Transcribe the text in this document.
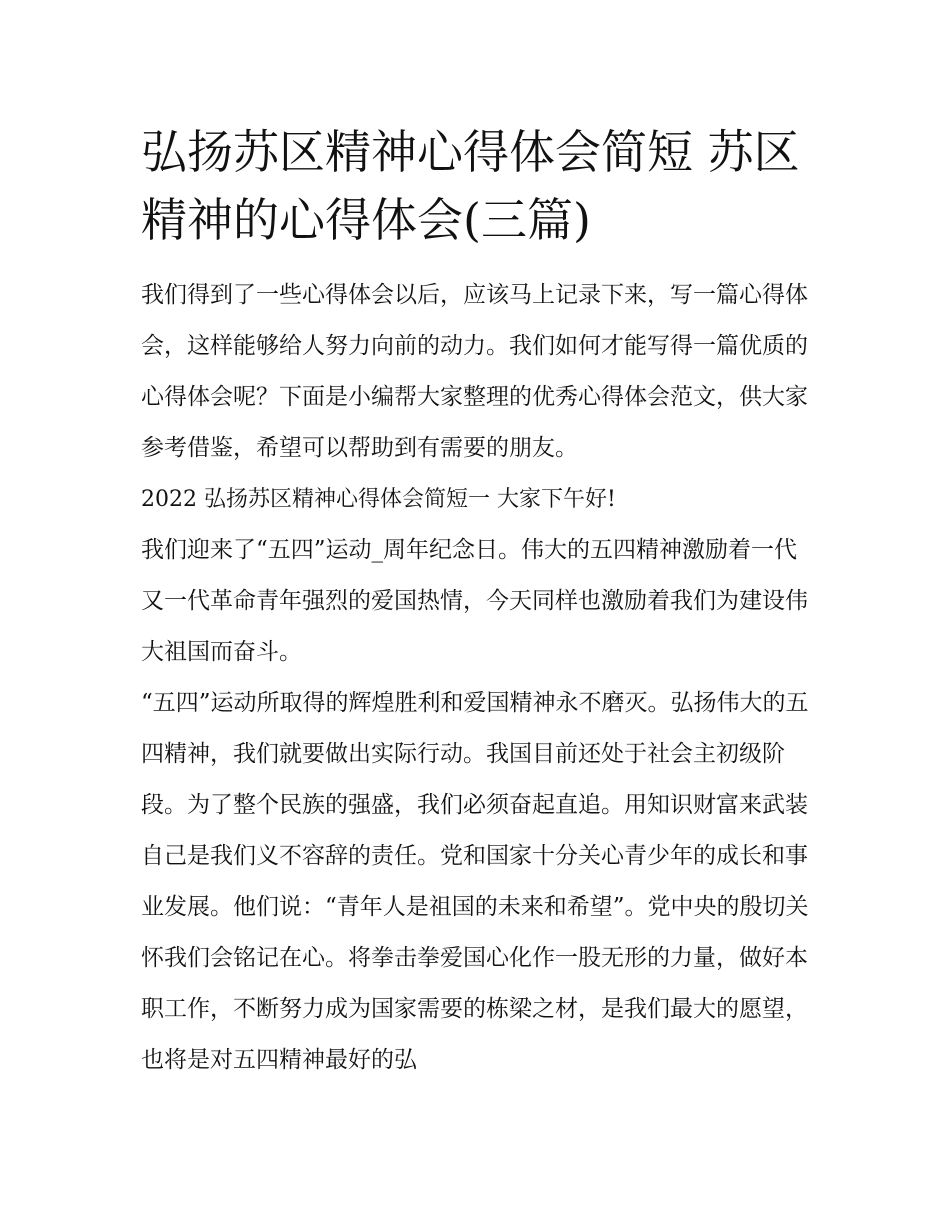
弘扬苏区精神心得体会简短 苏区精神的心得体会(三篇)

我们得到了一些心得体会以后，应该马上记录下来，写一篇心得体会，这样能够给人努力向前的动力。我们如何才能写得一篇优质的心得体会呢？下面是小编帮大家整理的优秀心得体会范文，供大家参考借鉴，希望可以帮助到有需要的朋友。

2022 弘扬苏区精神心得体会简短一 大家下午好!

我们迎来了“五四”运动_周年纪念日。伟大的五四精神激励着一代又一代革命青年强烈的爱国热情，今天同样也激励着我们为建设伟大祖国而奋斗。

“五四”运动所取得的辉煌胜利和爱国精神永不磨灭。弘扬伟大的五四精神，我们就要做出实际行动。我国目前还处于社会主初级阶段。为了整个民族的强盛，我们必须奋起直追。用知识财富来武装自己是我们义不容辞的责任。党和国家十分关心青少年的成长和事业发展。他们说：“青年人是祖国的未来和希望”。党中央的殷切关怀我们会铭记在心。将拳击拳爱国心化作一股无形的力量，做好本职工作，不断努力成为国家需要的栋梁之材，是我们最大的愿望，也将是对五四精神最好的弘
